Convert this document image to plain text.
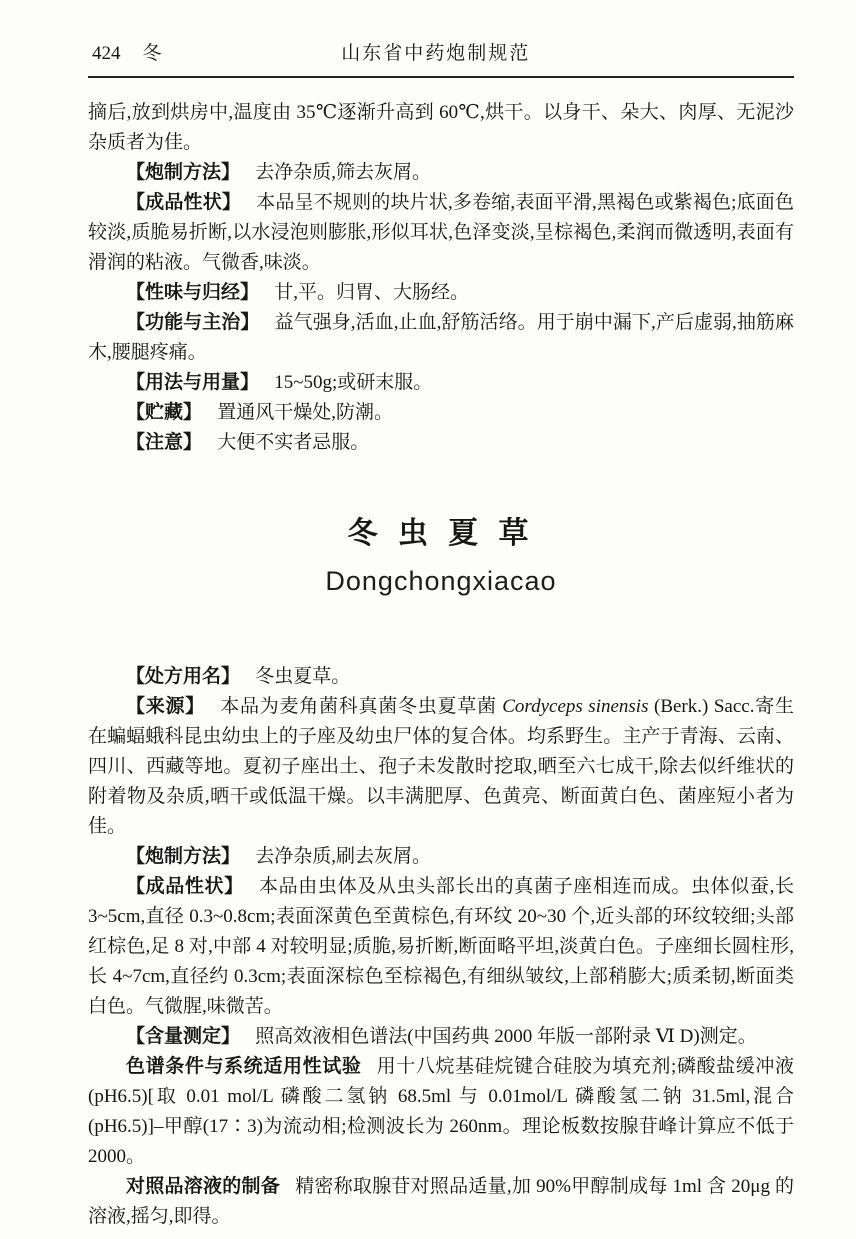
424 冬	山东省中药炮制规范

摘后,放到烘房中,温度由 35℃逐渐升高到 60℃,烘干。以身干、朵大、肉厚、无泥沙杂质者为佳。

【炮制方法】 去净杂质,筛去灰屑。

【成品性状】 本品呈不规则的块片状,多卷缩,表面平滑,黑褐色或紫褐色;底面色较淡,质脆易折断,以水浸泡则膨胀,形似耳状,色泽变淡,呈棕褐色,柔润而微透明,表面有滑润的粘液。气微香,味淡。

【性味与归经】 甘,平。归胃、大肠经。

【功能与主治】 益气强身,活血,止血,舒筋活络。用于崩中漏下,产后虚弱,抽筋麻木,腰腿疼痛。

【用法与用量】 15~50g;或研末服。

【贮藏】 置通风干燥处,防潮。

【注意】 大便不实者忌服。

冬 虫 夏 草
Dongchongxiacao

【处方用名】 冬虫夏草。

【来源】 本品为麦角菌科真菌冬虫夏草菌 Cordyceps sinensis (Berk.) Sacc.寄生在蝙蝠蛾科昆虫幼虫上的子座及幼虫尸体的复合体。均系野生。主产于青海、云南、四川、西藏等地。夏初子座出土、孢子未发散时挖取,晒至六七成干,除去似纤维状的附着物及杂质,晒干或低温干燥。以丰满肥厚、色黄亮、断面黄白色、菌座短小者为佳。

【炮制方法】 去净杂质,刷去灰屑。

【成品性状】 本品由虫体及从虫头部长出的真菌子座相连而成。虫体似蚕,长 3~5cm,直径 0.3~0.8cm;表面深黄色至黄棕色,有环纹 20~30 个,近头部的环纹较细;头部红棕色,足 8 对,中部 4 对较明显;质脆,易折断,断面略平坦,淡黄白色。子座细长圆柱形,长 4~7cm,直径约 0.3cm;表面深棕色至棕褐色,有细纵皱纹,上部稍膨大;质柔韧,断面类白色。气微腥,味微苦。

【含量测定】 照高效液相色谱法(中国药典 2000 年版一部附录 Ⅵ D)测定。

色谱条件与系统适用性试验 用十八烷基硅烷键合硅胶为填充剂;磷酸盐缓冲液(pH6.5)[取 0.01 mol/L 磷酸二氢钠 68.5ml 与 0.01mol/L 磷酸氢二钠 31.5ml,混合(pH6.5)]–甲醇(17∶3)为流动相;检测波长为 260nm。理论板数按腺苷峰计算应不低于 2000。

对照品溶液的制备 精密称取腺苷对照品适量,加 90%甲醇制成每 1ml 含 20μg 的溶液,摇匀,即得。
